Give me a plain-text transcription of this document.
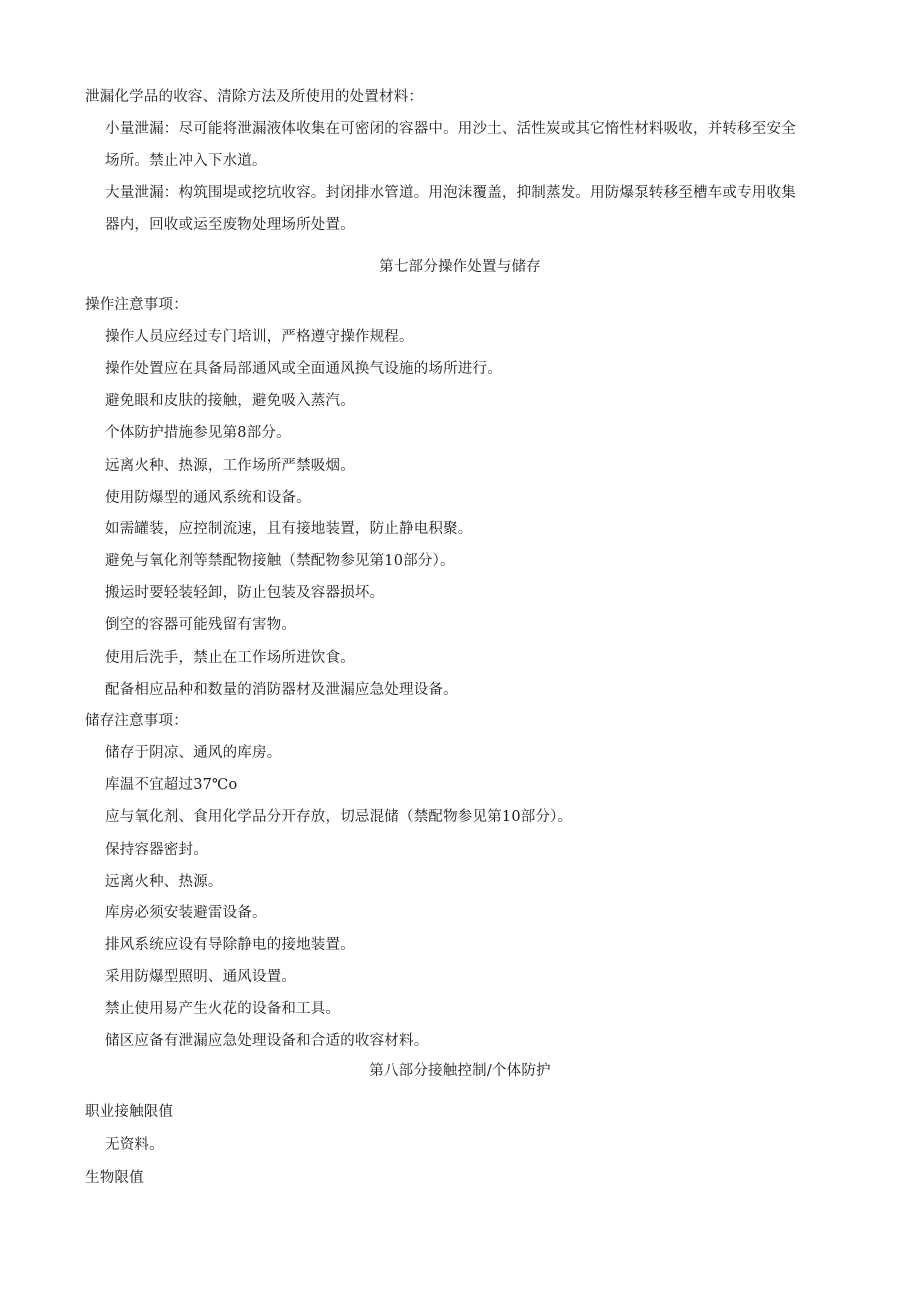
泄漏化学品的收容、清除方法及所使用的处置材料：
小量泄漏：尽可能将泄漏液体收集在可密闭的容器中。用沙土、活性炭或其它惰性材料吸收，并转移至安全
场所。禁止冲入下水道。
大量泄漏：构筑围堤或挖坑收容。封闭排水管道。用泡沫覆盖，抑制蒸发。用防爆泵转移至槽车或专用收集
器内，回收或运至废物处理场所处置。
第七部分操作处置与储存
操作注意事项：
操作人员应经过专门培训，严格遵守操作规程。
操作处置应在具备局部通风或全面通风换气设施的场所进行。
避免眼和皮肤的接触，避免吸入蒸汽。
个体防护措施参见第8部分。
远离火种、热源，工作场所严禁吸烟。
使用防爆型的通风系统和设备。
如需罐装，应控制流速，且有接地装置，防止静电积聚。
避免与氧化剂等禁配物接触（禁配物参见第10部分）。
搬运时要轻装轻卸，防止包装及容器损坏。
倒空的容器可能残留有害物。
使用后洗手，禁止在工作场所进饮食。
配备相应品种和数量的消防器材及泄漏应急处理设备。
储存注意事项：
储存于阴凉、通风的库房。
库温不宜超过37℃o
应与氧化剂、食用化学品分开存放，切忌混储（禁配物参见第10部分）。
保持容器密封。
远离火种、热源。
库房必须安装避雷设备。
排风系统应设有导除静电的接地装置。
采用防爆型照明、通风设置。
禁止使用易产生火花的设备和工具。
储区应备有泄漏应急处理设备和合适的收容材料。
第八部分接触控制/个体防护
职业接触限值
无资料。
生物限值
